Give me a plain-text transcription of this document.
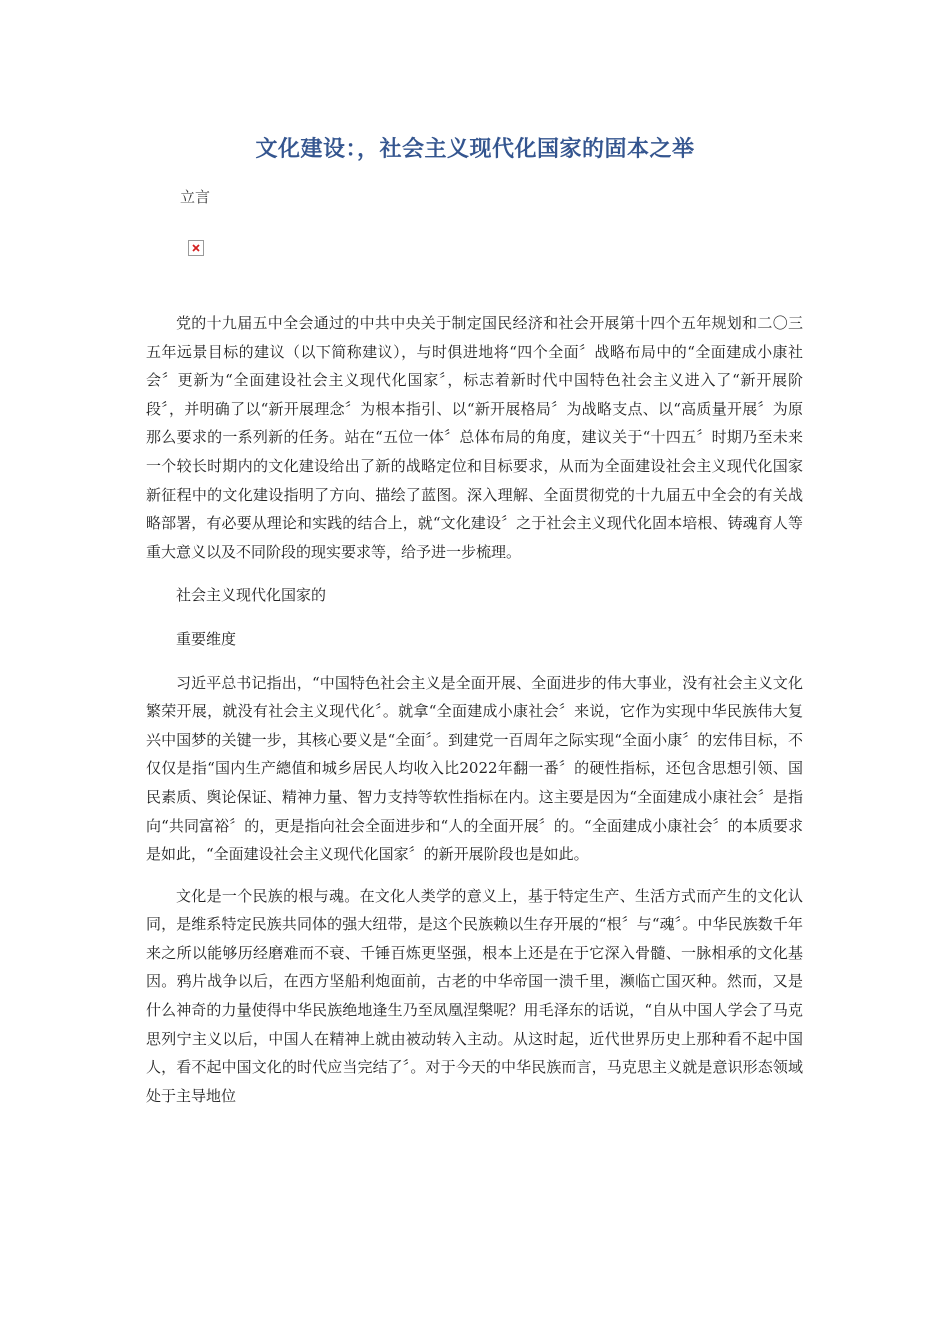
文化建设：，社会主义现代化国家的固本之举
立言

党的十九届五中全会通过的中共中央关于制定国民经济和社会开展第十四个五年规划和二〇三五年远景目标的建议（以下简称建议），与时俱进地将“四个全面〞战略布局中的“全面建成小康社会〞更新为“全面建设社会主义现代化国家〞，标志着新时代中国特色社会主义进入了“新开展阶段〞，并明确了以“新开展理念〞为根本指引、以“新开展格局〞为战略支点、以“高质量开展〞为原那么要求的一系列新的任务。站在“五位一体〞总体布局的角度，建议关于“十四五〞时期乃至未来一个较长时期内的文化建设给出了新的战略定位和目标要求，从而为全面建设社会主义现代化国家新征程中的文化建设指明了方向、描绘了蓝图。深入理解、全面贯彻党的十九届五中全会的有关战略部署，有必要从理论和实践的结合上，就“文化建设〞之于社会主义现代化固本培根、铸魂育人等重大意义以及不同阶段的现实要求等，给予进一步梳理。

社会主义现代化国家的

重要维度

习近平总书记指出，“中国特色社会主义是全面开展、全面进步的伟大事业，没有社会主义文化繁荣开展，就没有社会主义现代化〞。就拿“全面建成小康社会〞来说，它作为实现中华民族伟大复兴中国梦的关键一步，其核心要义是“全面〞。到建党一百周年之际实现“全面小康〞的宏伟目标，不仅仅是指“国内生产總值和城乡居民人均收入比2022年翻一番〞的硬性指标，还包含思想引领、国民素质、舆论保证、精神力量、智力支持等软性指标在内。这主要是因为“全面建成小康社会〞是指向“共同富裕〞的，更是指向社会全面进步和“人的全面开展〞的。“全面建成小康社会〞的本质要求是如此，“全面建设社会主义现代化国家〞的新开展阶段也是如此。

文化是一个民族的根与魂。在文化人类学的意义上，基于特定生产、生活方式而产生的文化认同，是维系特定民族共同体的强大纽带，是这个民族赖以生存开展的“根〞与“魂〞。中华民族数千年来之所以能够历经磨难而不衰、千锤百炼更坚强，根本上还是在于它深入骨髓、一脉相承的文化基因。鸦片战争以后，在西方坚船利炮面前，古老的中华帝国一溃千里，濒临亡国灭种。然而，又是什么神奇的力量使得中华民族绝地逢生乃至凤凰涅槃呢？用毛泽东的话说，“自从中国人学会了马克思列宁主义以后，中国人在精神上就由被动转入主动。从这时起，近代世界历史上那种看不起中国人，看不起中国文化的时代应当完结了〞。对于今天的中华民族而言，马克思主义就是意识形态领域处于主导地位
